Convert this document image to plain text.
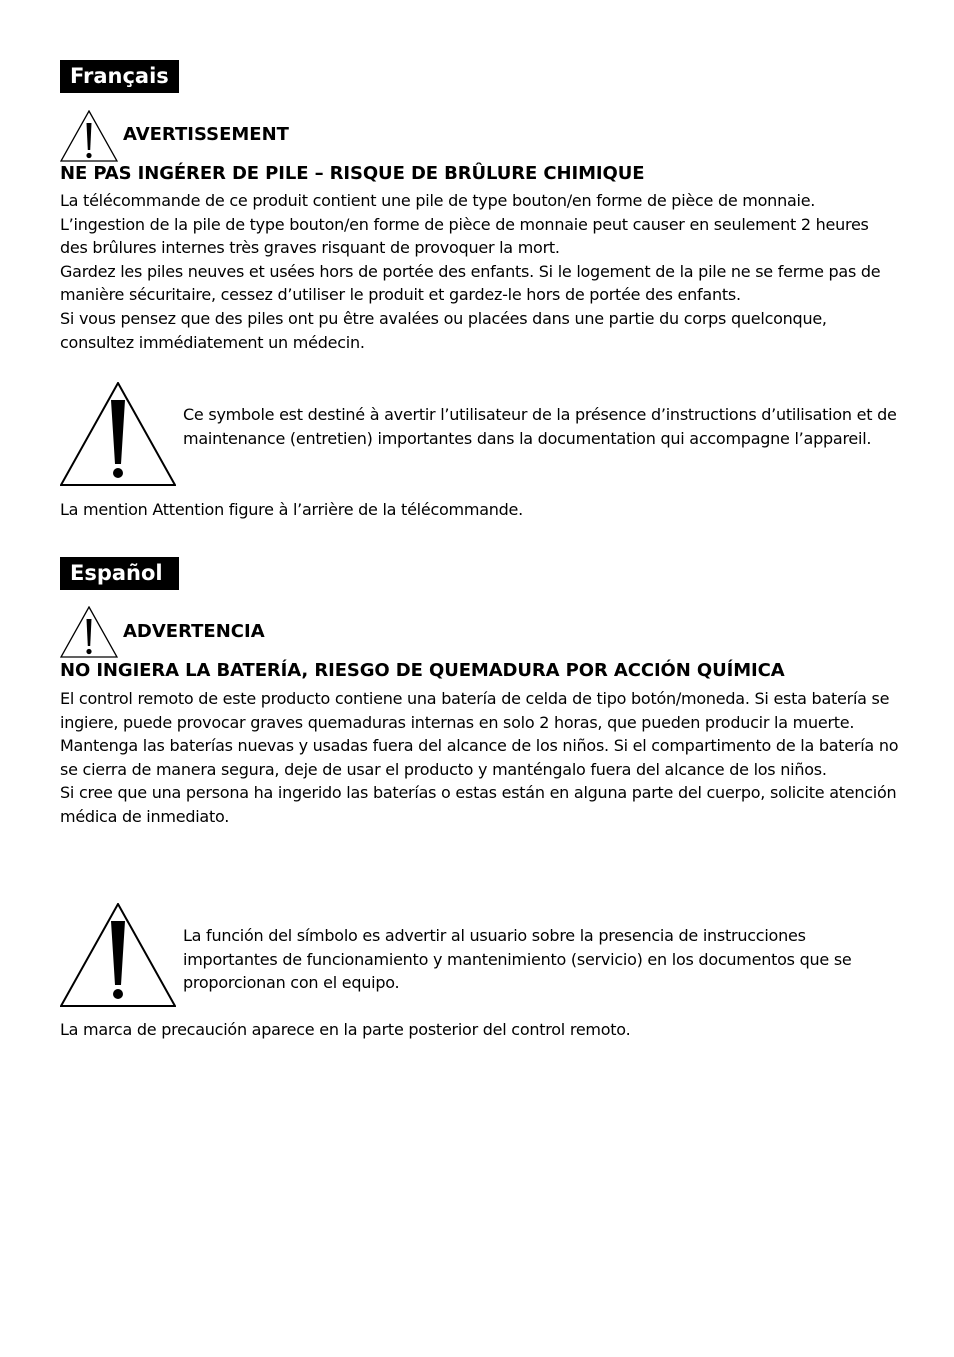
Français
AVERTISSEMENT
NE PAS INGÉRER DE PILE – RISQUE DE BRÛLURE CHIMIQUE

La télécommande de ce produit contient une pile de type bouton/en forme de pièce de monnaie. L’ingestion de la pile de type bouton/en forme de pièce de monnaie peut causer en seulement 2 heures des brûlures internes très graves risquant de provoquer la mort.

Gardez les piles neuves et usées hors de portée des enfants. Si le logement de la pile ne se ferme pas de manière sécuritaire, cessez d’utiliser le produit et gardez-le hors de portée des enfants.

Si vous pensez que des piles ont pu être avalées ou placées dans une partie du corps quelconque, consultez immédiatement un médecin.

Ce symbole est destiné à avertir l’utilisateur de la présence d’instructions d’utilisation et de maintenance (entretien) importantes dans la documentation qui accompagne l’appareil.
La mention Attention figure à l’arrière de la télécommande.
Español
ADVERTENCIA
NO INGIERA LA BATERÍA, RIESGO DE QUEMADURA POR ACCIÓN QUÍMICA

El control remoto de este producto contiene una batería de celda de tipo botón/moneda. Si esta batería se ingiere, puede provocar graves quemaduras internas en solo 2 horas, que pueden producir la muerte.

Mantenga las baterías nuevas y usadas fuera del alcance de los niños. Si el compartimento de la batería no se cierra de manera segura, deje de usar el producto y manténgalo fuera del alcance de los niños.

Si cree que una persona ha ingerido las baterías o estas están en alguna parte del cuerpo, solicite atención médica de inmediato.

La función del símbolo es advertir al usuario sobre la presencia de instrucciones importantes de funcionamiento y mantenimiento (servicio) en los documentos que se proporcionan con el equipo.
La marca de precaución aparece en la parte posterior del control remoto.
